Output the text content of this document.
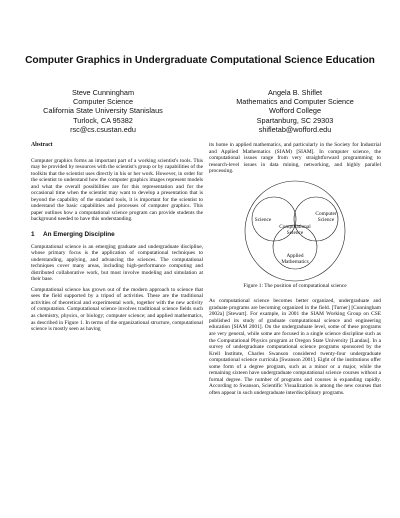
Computer Graphics in Undergraduate Computational Science Education
Steve Cunningham
Computer Science
California State University Stanislaus
Turlock, CA 95382
rsc@cs.csustan.edu
Angela B. Shiflet
Mathematics and Computer Science
Wofford College
Spartanburg, SC 29303
shifletab@wofford.edu
Abstract

Computer graphics forms an important part of a working scientist's tools. This may be provided by resources with the scientist's group or by capabilities of the toolkits that the scientist uses directly in his or her work. However, in order for the scientist to understand how the computer graphics images represent models and what the overall possibilities are for this representation and for the occasional time when the scientist may want to develop a presentation that is beyond the capability of the standard tools, it is important for the scientist to understand the basic capabilities and processes of computer graphics. This paper outlines how a computational science program can provide students the background needed to have this understanding.

1 An Emerging Discipline

Computational science is an emerging graduate and undergraduate discipline, whose primary focus is the application of computational techniques to understanding, applying, and advancing the sciences. The computational techniques cover many areas, including high-performance computing and distributed collaborative work, but most involve modeling and simulation at their base.

Computational science has grown out of the modern approach to science that sees the field supported by a tripod of activities. These are the traditional activities of theoretical and experimental work, together with the new activity of computation. Computational science involves traditional science fields such as chemistry, physics, or biology; computer science; and applied mathematics, as described in Figure 1. In terms of the organizational structure, computational science is mostly seen as having

its home in applied mathematics, and particularly in the Society for Industrial and Applied Mathematics (SIAM) [SIAM]. In computer science, the computational issues range from very straightforward programming to research-level issues in data mining, networking, and highly parallel processing.

Science
Computer
Science
Computational
Science
Applied
Mathematics
Figure 1: The position of computational science

As computational science becomes better organized, undergraduate and graduate programs are becoming organized in the field. [Turner] [Cunningham 2002a] [Stewart]. For example, in 2001 the SIAM Working Group on CSE published its study of graduate computational science and engineering education [SIAM 2001]. On the undergraduate level, some of these programs are very general, while some are focused in a single science discipline such as the Computational Physics program at Oregon State University [Landau]. In a survey of undergraduate computational science programs sponsored by the Krell Institute, Charles Swanson considered twenty-four undergraduate computational science curricula [Swanson 2001]. Eight of the institutions offer some form of a degree program, such as a minor or a major, while the remaining sixteen have undergraduate computational science courses without a formal degree. The number of programs and courses is expanding rapidly. According to Swanson, Scientific Visualization is among the new courses that often appear in such undergraduate interdisciplinary programs.
